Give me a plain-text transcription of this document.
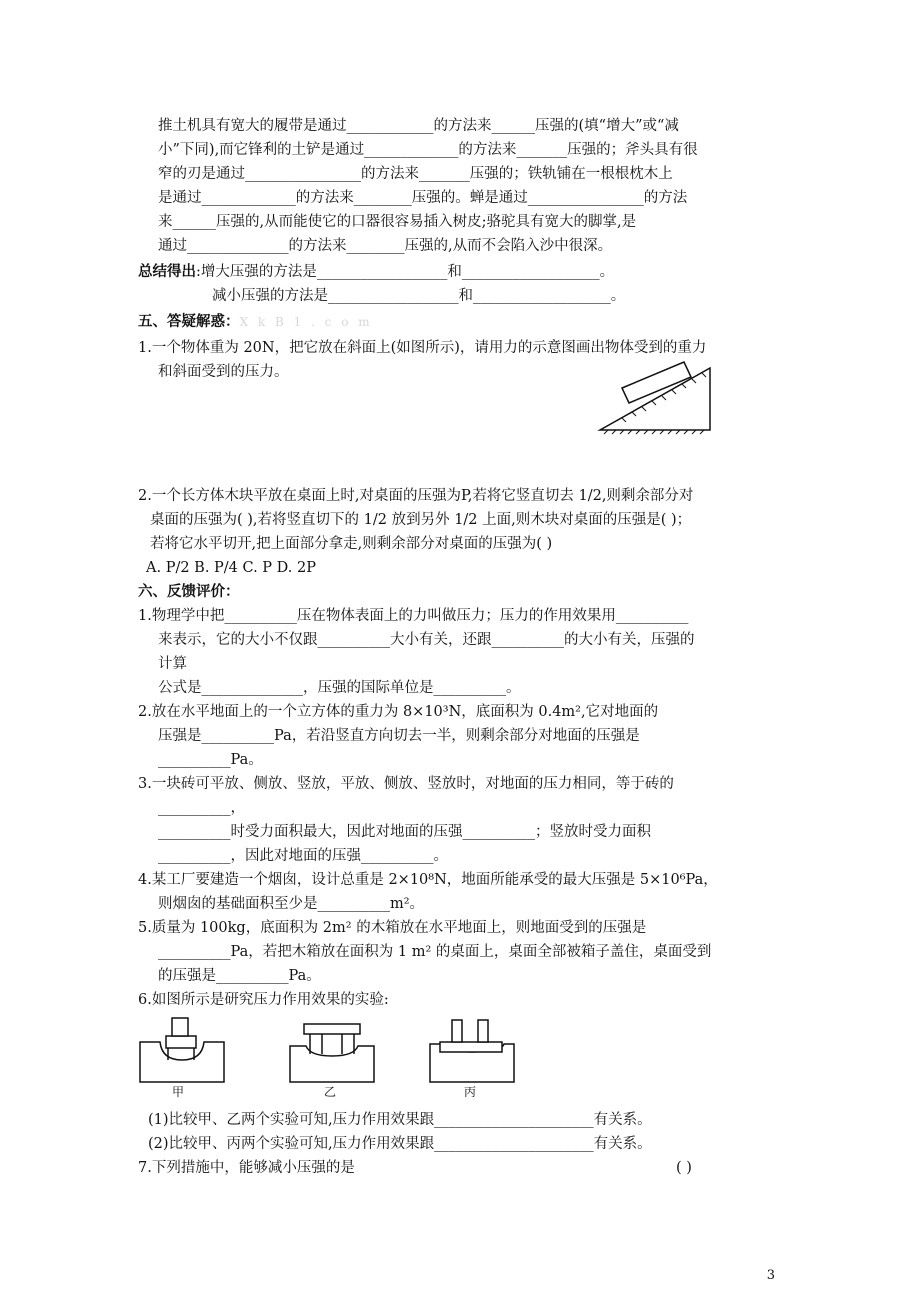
推土机具有宽大的履带是通过____________的方法来______压强的(填“增大”或“减
小”下同),而它锋利的土铲是通过_____________的方法来_______压强的；斧头具有很
窄的刃是通过________________的方法来_______压强的；铁轨铺在一根根枕木上
是通过_____________的方法来________压强的。蝉是通过________________的方法
来______压强的,从而能使它的口器很容易插入树皮;骆驼具有宽大的脚掌,是
通过______________的方法来________压强的,从而不会陷入沙中很深。
总结得出:增大压强的方法是__________________和___________________。
减小压强的方法是__________________和___________________。
五、答疑解惑：X k B 1 . c o m
1.一个物体重为 20N，把它放在斜面上(如图所示)，请用力的示意图画出物体受到的重力
和斜面受到的压力。
2.一个长方体木块平放在桌面上时,对桌面的压强为P,若将它竖直切去 1/2,则剩余部分对
桌面的压强为( ),若将竖直切下的 1/2 放到另外 1/2 上面,则木块对桌面的压强是( )；
若将它水平切开,把上面部分拿走,则剩余部分对桌面的压强为( )
A. P/2 B. P/4 C. P D. 2P
六、反馈评价：
1.物理学中把__________压在物体表面上的力叫做压力；压力的作用效果用__________
来表示，它的大小不仅跟__________大小有关，还跟__________的大小有关，压强的
计算
公式是______________，压强的国际单位是__________。
2.放在水平地面上的一个立方体的重力为 8×10³N，底面积为 0.4m²,它对地面的
压强是__________Pa，若沿竖直方向切去一半，则剩余部分对地面的压强是
__________Pa。
3.一块砖可平放、侧放、竖放，平放、侧放、竖放时，对地面的压力相同，等于砖的
__________，
__________时受力面积最大，因此对地面的压强__________；竖放时受力面积
__________，因此对地面的压强__________。
4.某工厂要建造一个烟囱，设计总重是 2×10⁸N，地面所能承受的最大压强是 5×10⁶Pa，
则烟囱的基础面积至少是__________m²。
5.质量为 100kg，底面积为 2m² 的木箱放在水平地面上，则地面受到的压强是
__________Pa，若把木箱放在面积为 1 m² 的桌面上，桌面全部被箱子盖住，桌面受到
的压强是__________Pa。
6.如图所示是研究压力作用效果的实验:
甲	乙	丙
(1)比较甲、乙两个实验可知,压力作用效果跟______________________有关系。
(2)比较甲、丙两个实验可知,压力作用效果跟______________________有关系。
7.下列措施中，能够减小压强的是	( )
3
